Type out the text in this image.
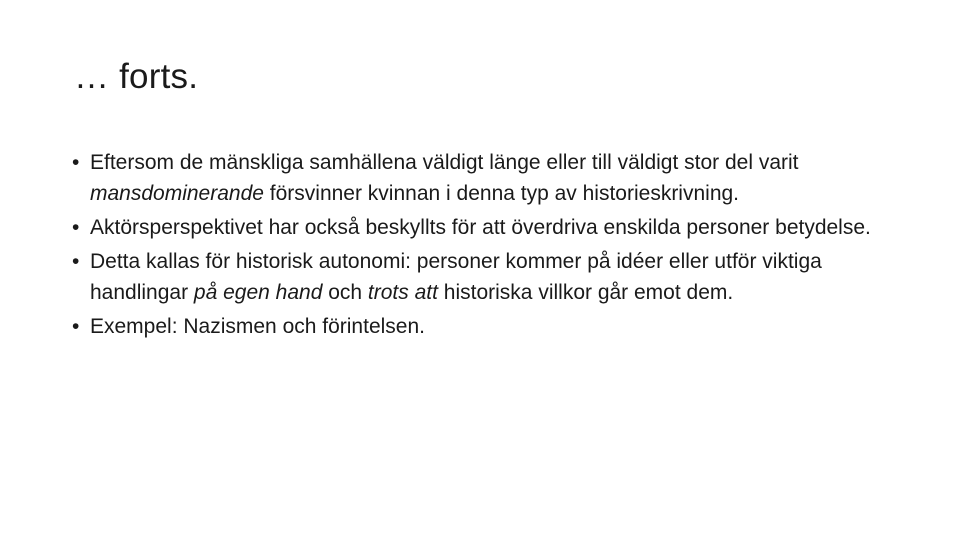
… forts.
• Eftersom de mänskliga samhällena väldigt länge eller till väldigt stor del varit mansdominerande försvinner kvinnan i denna typ av historieskrivning.
• Aktörsperspektivet har också beskyllts för att överdriva enskilda personer betydelse.
• Detta kallas för historisk autonomi: personer kommer på idéer eller utför viktiga handlingar på egen hand och trots att historiska villkor går emot dem.
• Exempel: Nazismen och förintelsen.
